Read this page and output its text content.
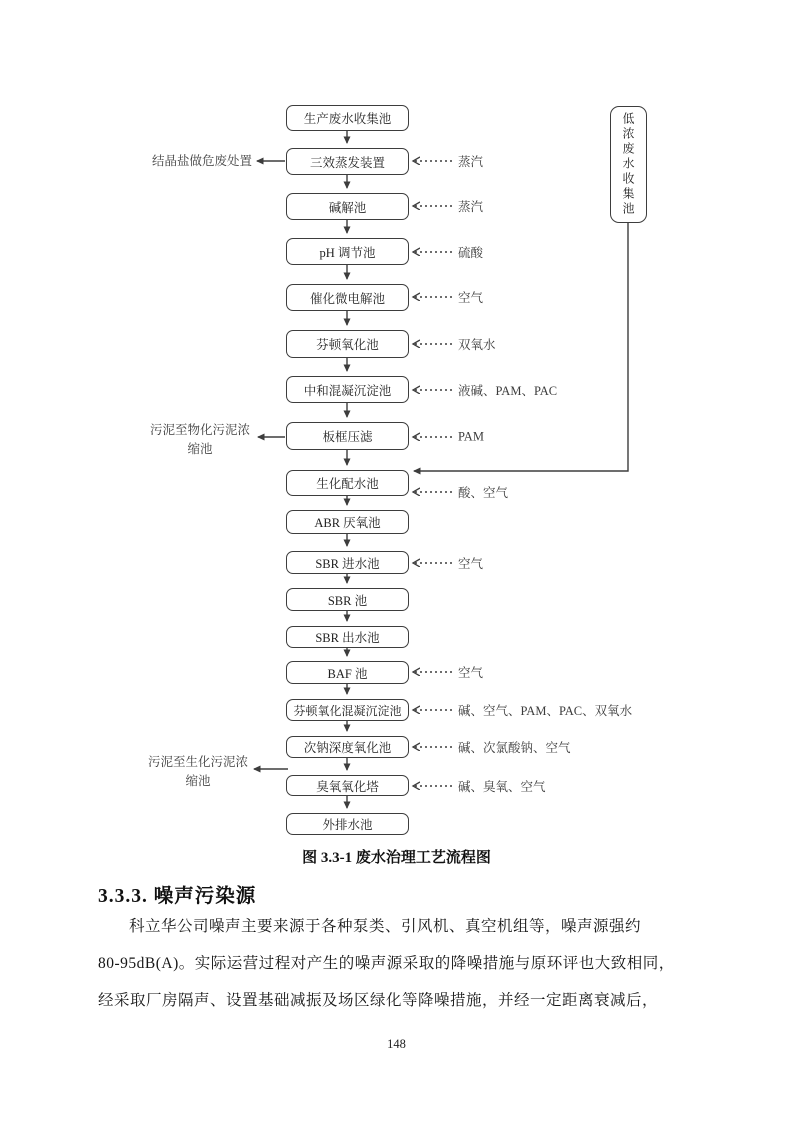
生产废水收集池
三效蒸发装置
碱解池
pH 调节池
催化微电解池
芬顿氧化池
中和混凝沉淀池
板框压滤
生化配水池
ABR 厌氧池
SBR 进水池
SBR 池
SBR 出水池
BAF 池
芬顿氧化混凝沉淀池
次钠深度氧化池
臭氧氧化塔
外排水池
低浓废水收集池
蒸汽
蒸汽
硫酸
空气
双氧水
液碱、PAM、PAC
PAM
酸、空气
空气
空气
碱、空气、PAM、PAC、双氧水
碱、次氯酸钠、空气
碱、臭氧、空气
结晶盐做危废处置
污泥至物化污泥浓缩池
污泥至生化污泥浓缩池
图 3.3-1 废水治理工艺流程图
3.3.3. 噪声污染源
科立华公司噪声主要来源于各种泵类、引风机、真空机组等，噪声源强约
80-95dB(A)。实际运营过程对产生的噪声源采取的降噪措施与原环评也大致相同，
经采取厂房隔声、设置基础减振及场区绿化等降噪措施，并经一定距离衰减后，
148
